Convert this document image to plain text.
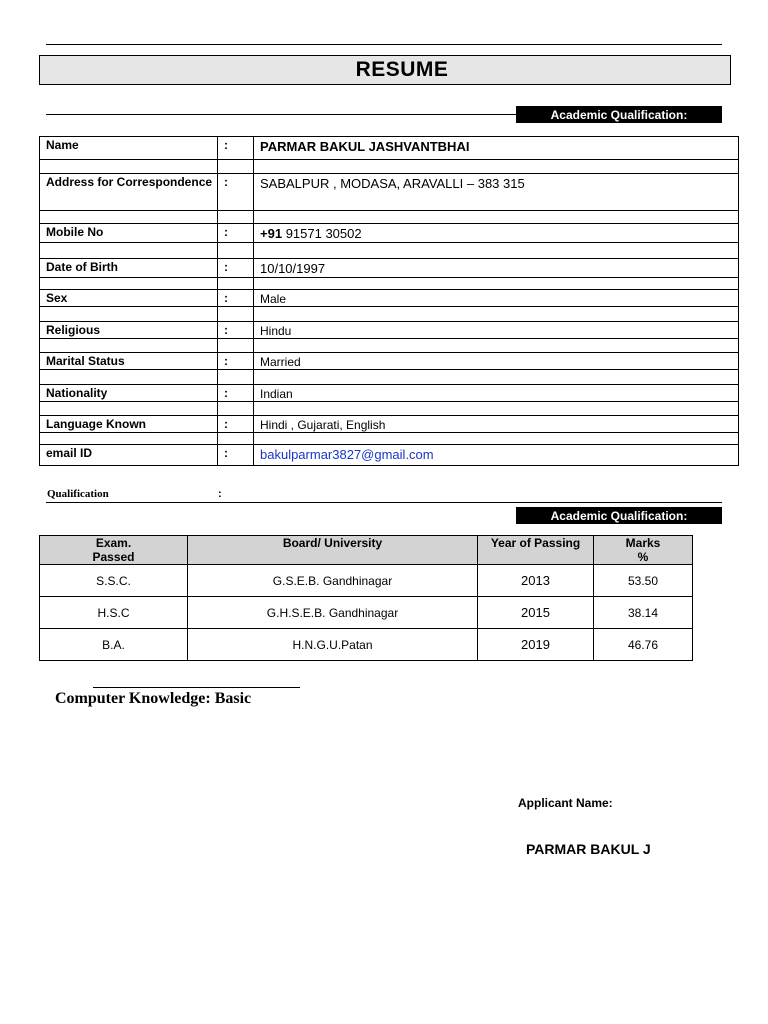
RESUME
Academic Qualification:
Name	:	PARMAR BAKUL JASHVANTBHAI

Address for Correspondence	:	SABALPUR , MODASA, ARAVALLI – 383 315

Mobile No	:	+91 91571 30502

Date of Birth	:	10/10/1997

Sex	:	Male

Religious	:	Hindu

Marital Status	:	Married

Nationality	:	Indian

Language Known	:	Hindi , Gujarati, English

email ID	:	bakulparmar3827@gmail.com
Qualification	:
Academic Qualification:
Exam. Passed	Board/ University	Year of Passing	Marks %

S.S.C.	G.S.E.B. Gandhinagar	2013	53.50
H.S.C	G.H.S.E.B. Gandhinagar	2015	38.14
B.A.	H.N.G.U.Patan	2019	46.76
Computer Knowledge: Basic
Applicant Name:
PARMAR BAKUL J
